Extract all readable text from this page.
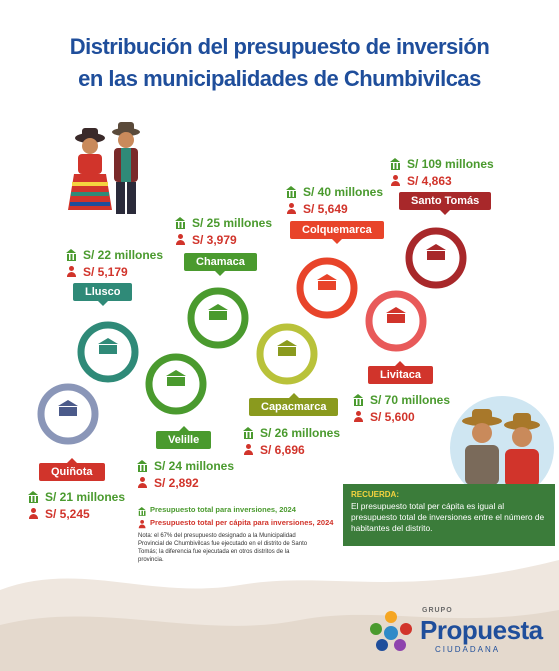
Distribución del presupuesto de inversión
en las municipalidades de Chumbivilcas
Quiñota
Llusco
Velille
Chamaca
Capacmarca
Colquemarca
Livitaca
Santo Tomás
S/ 21 millones
S/ 5,245
S/ 22 millones
S/ 5,179
S/ 24 millones
S/ 2,892
S/ 25 millones
S/ 3,979
S/ 26 millones
S/ 6,696
S/ 40 millones
S/ 5,649
S/ 70 millones
S/ 5,600
S/ 109 millones
S/ 4,863
Presupuesto total para inversiones, 2024
Presupuesto total per cápita para inversiones, 2024
Nota: el 67% del presupuesto designado a la Municipalidad Provincial de Chumbivilcas fue ejecutado en el distrito de Santo Tomás; la diferencia fue ejecutada en otros distritos de la provincia.
RECUERDA:
El presupuesto total per cápita es igual al presupuesto total de inversiones entre el número de habitantes del distrito.
GRUPO
Propuesta
CIUDADANA
